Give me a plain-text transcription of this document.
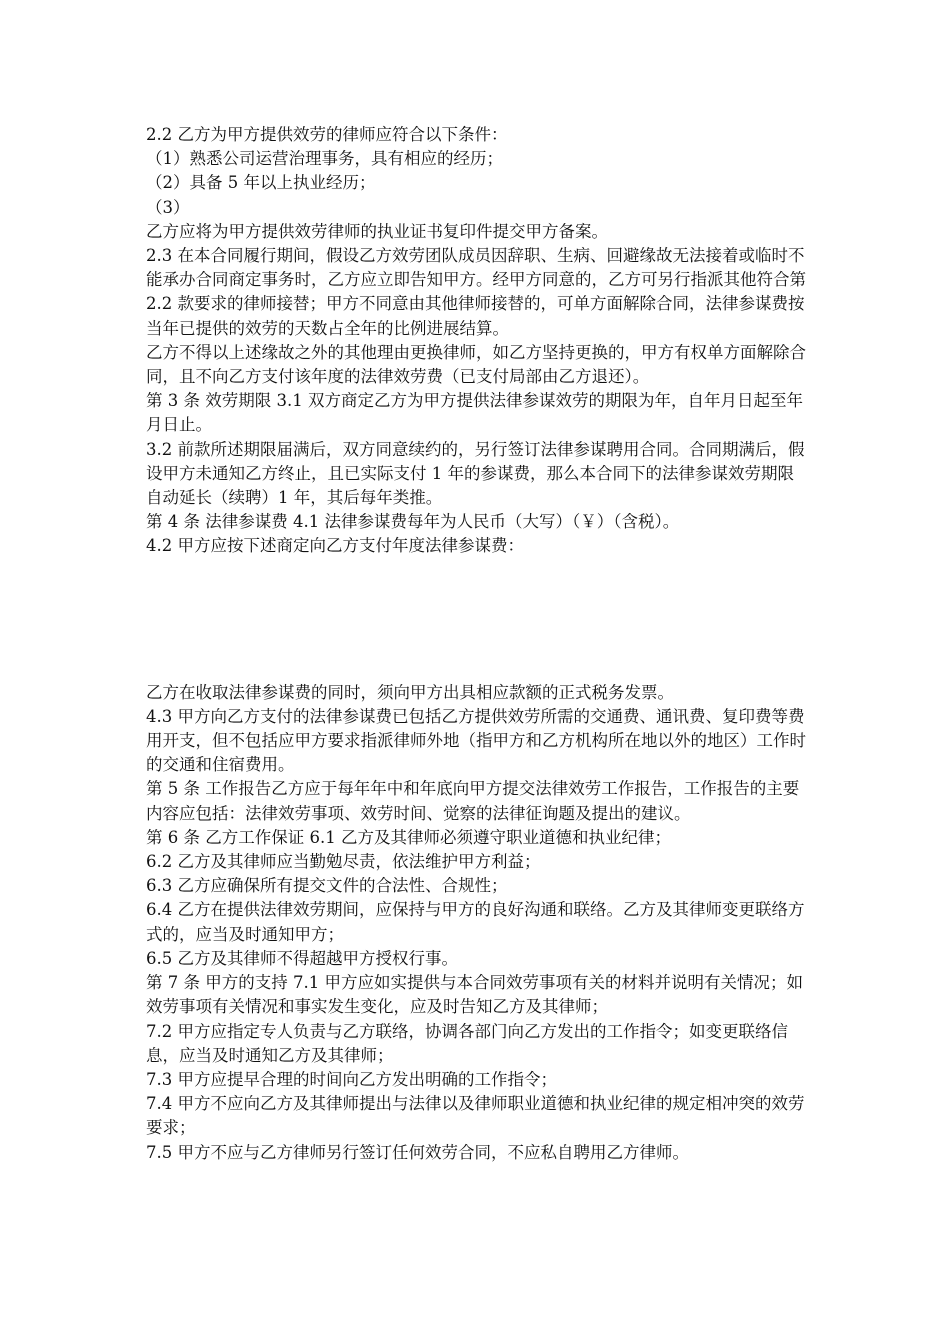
2.2 乙方为甲方提供效劳的律师应符合以下条件：

（1）熟悉公司运营治理事务，具有相应的经历；

（2）具备 5 年以上执业经历；

（3）

乙方应将为甲方提供效劳律师的执业证书复印件提交甲方备案。

2.3 在本合同履行期间，假设乙方效劳团队成员因辞职、生病、回避缘故无法接着或临时不能承办合同商定事务时，乙方应立即告知甲方。经甲方同意的，乙方可另行指派其他符合第 2.2 款要求的律师接替；甲方不同意由其他律师接替的，可单方面解除合同，法律参谋费按当年已提供的效劳的天数占全年的比例进展结算。

乙方不得以上述缘故之外的其他理由更换律师，如乙方坚持更换的，甲方有权单方面解除合同，且不向乙方支付该年度的法律效劳费（已支付局部由乙方退还）。

第 3 条 效劳期限 3.1 双方商定乙方为甲方提供法律参谋效劳的期限为年，自年月日起至年月日止。

3.2 前款所述期限届满后，双方同意续约的，另行签订法律参谋聘用合同。合同期满后，假设甲方未通知乙方终止，且已实际支付 1 年的参谋费，那么本合同下的法律参谋效劳期限自动延长（续聘）1 年，其后每年类推。

第 4 条 法律参谋费 4.1 法律参谋费每年为人民币（大写）（￥）（含税）。

4.2 甲方应按下述商定向乙方支付年度法律参谋费：

乙方在收取法律参谋费的同时，须向甲方出具相应款额的正式税务发票。

4.3 甲方向乙方支付的法律参谋费已包括乙方提供效劳所需的交通费、通讯费、复印费等费用开支，但不包括应甲方要求指派律师外地（指甲方和乙方机构所在地以外的地区）工作时的交通和住宿费用。

第 5 条 工作报告乙方应于每年年中和年底向甲方提交法律效劳工作报告，工作报告的主要内容应包括：法律效劳事项、效劳时间、觉察的法律征询题及提出的建议。

第 6 条 乙方工作保证 6.1 乙方及其律师必须遵守职业道德和执业纪律；

6.2 乙方及其律师应当勤勉尽责，依法维护甲方利益；

6.3 乙方应确保所有提交文件的合法性、合规性；

6.4 乙方在提供法律效劳期间，应保持与甲方的良好沟通和联络。乙方及其律师变更联络方式的，应当及时通知甲方；

6.5 乙方及其律师不得超越甲方授权行事。

第 7 条 甲方的支持 7.1 甲方应如实提供与本合同效劳事项有关的材料并说明有关情况；如效劳事项有关情况和事实发生变化，应及时告知乙方及其律师；

7.2 甲方应指定专人负责与乙方联络，协调各部门向乙方发出的工作指令；如变更联络信息，应当及时通知乙方及其律师；

7.3 甲方应提早合理的时间向乙方发出明确的工作指令；

7.4 甲方不应向乙方及其律师提出与法律以及律师职业道德和执业纪律的规定相冲突的效劳要求；

7.5 甲方不应与乙方律师另行签订任何效劳合同，不应私自聘用乙方律师。
